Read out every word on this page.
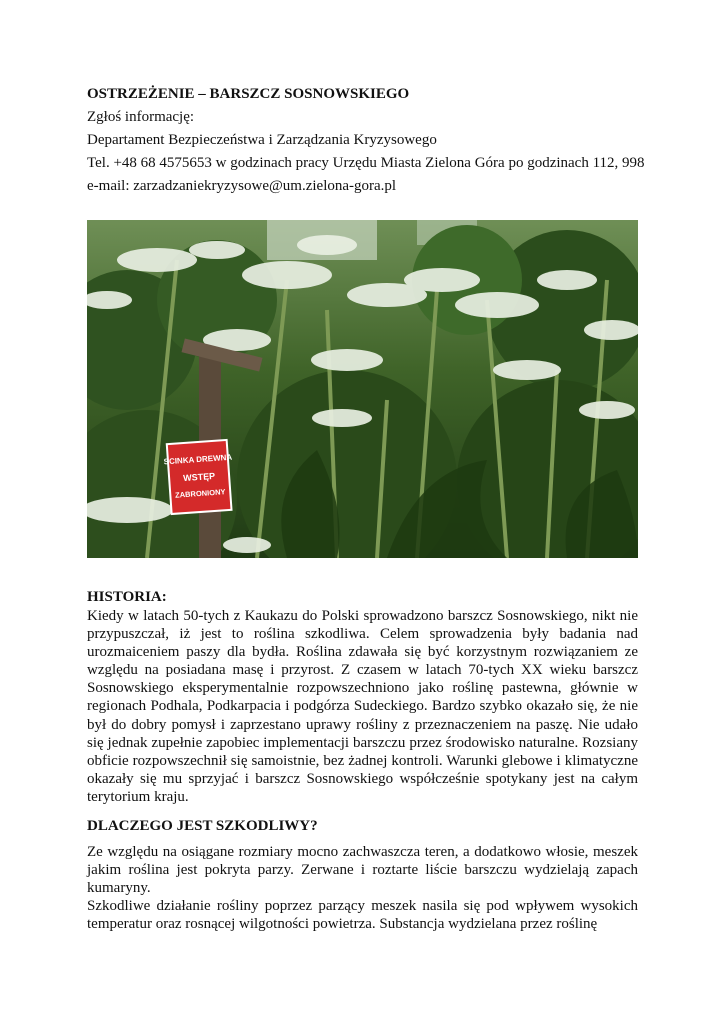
OSTRZEŻENIE – BARSZCZ SOSNOWSKIEGO

Zgłoś informację:

Departament Bezpieczeństwa i Zarządzania Kryzysowego

Tel. +48 68 4575653 w godzinach pracy Urzędu Miasta Zielona Góra po godzinach 112, 998

e-mail: zarzadzaniekryzysowe@um.zielona-gora.pl

SCINKA DREWNA
WSTĘP
ZABRONIONY

HISTORIA:

Kiedy w latach 50-tych z Kaukazu do Polski sprowadzono barszcz Sosnowskiego, nikt nie przypuszczał, iż jest to roślina szkodliwa. Celem sprowadzenia były badania nad urozmaiceniem paszy dla bydła. Roślina zdawała się być korzystnym rozwiązaniem ze względu na posiadana masę i przyrost. Z czasem w latach 70-tych XX wieku barszcz Sosnowskiego eksperymentalnie rozpowszechniono jako roślinę pastewna, głównie w regionach Podhala, Podkarpacia i podgórza Sudeckiego. Bardzo szybko okazało się, że nie był do dobry pomysł i zaprzestano uprawy rośliny z przeznaczeniem na paszę. Nie udało się jednak zupełnie zapobiec implementacji barszczu przez środowisko naturalne. Rozsiany obficie rozpowszechnił się samoistnie, bez żadnej kontroli. Warunki glebowe i klimatyczne okazały się mu sprzyjać i barszcz Sosnowskiego współcześnie spotykany jest na całym terytorium kraju.

DLACZEGO JEST SZKODLIWY?

Ze względu na osiągane rozmiary mocno zachwaszcza teren, a dodatkowo włosie, meszek jakim roślina jest pokryta parzy. Zerwane i roztarte liście barszczu wydzielają zapach kumaryny.

Szkodliwe działanie rośliny poprzez parzący meszek nasila się pod wpływem wysokich temperatur oraz rosnącej wilgotności powietrza. Substancja wydzielana przez roślinę
